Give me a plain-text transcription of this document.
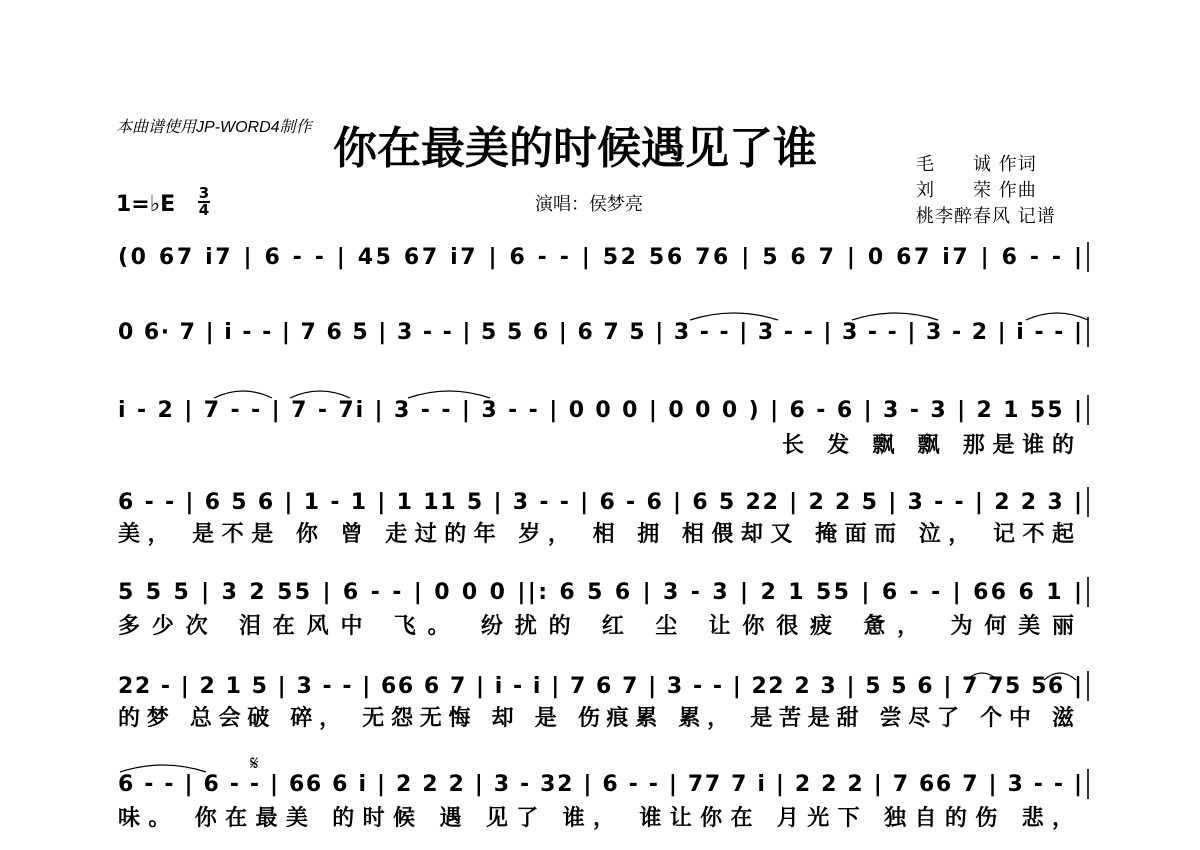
本曲谱使用JP-WORD4制作 你在最美的时候遇见了谁	毛　　诚 作词
刘　　荣 作曲
桃李醉春风 记谱
演唱：侯梦亮
1=♭E 3
4
(0 67 i7 | 6 - - | 45 67 i7 | 6 - - | 52 56 76 | 5 6 7 | 0 67 i7 | 6 - - |
0 6· 7 | i - - | 7 6 5 | 3 - - | 5 5 6 | 6 7 5 | 3 - - | 3 - - | 3 - - | 3 - 2 | i - - |
i - 2 | 7 - - | 7 - 7i | 3 - - | 3 - - | 0 0 0 | 0 0 0 ) | 6 - 6 | 3 - 3 | 2 1 55 |
长 发 飘 飘 那是谁的
6 - - | 6 5 6 | 1 - 1 | 1 11 5 | 3 - - | 6 - 6 | 6 5 22 | 2 2 5 | 3 - - | 2 2 3 |
美， 是不是 你 曾 走过的年 岁， 相 拥 相偎却又 掩面而 泣， 记不起
5 5 5 | 3 2 55 | 6 - - | 0 0 0 ||: 6 5 6 | 3 - 3 | 2 1 55 | 6 - - | 66 6 1 |
多少次 泪在风中 飞。 纷扰的 红 尘 让你很疲 惫， 为何美丽
22 - | 2 1 5 | 3 - - | 66 6 7 | i - i | 7 6 7 | 3 - - | 22 2 3 | 5 5 6 | 7 75 56 |
的梦 总会破 碎， 无怨无悔 却 是 伤痕累 累， 是苦是甜 尝尽了 个中 滋
6 - - | 6 - - | 66 6 i | 2 2 2 | 3 - 32 | 6 - - | 77 7 i | 2 2 2 | 7 66 7 | 3 - - |
味。 你在最美 的时候 遇 见了 谁， 谁让你在 月光下 独自的伤 悲，
𝄋
